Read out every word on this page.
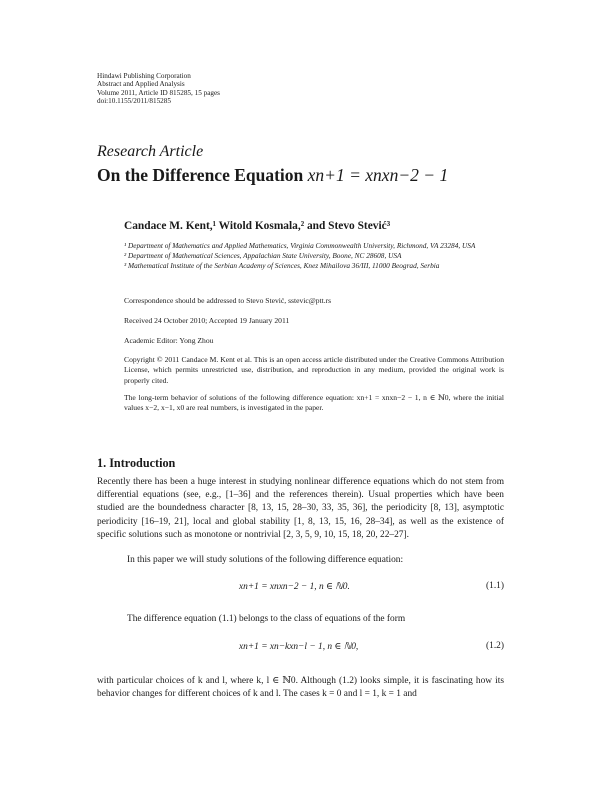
Hindawi Publishing Corporation
Abstract and Applied Analysis
Volume 2011, Article ID 815285, 15 pages
doi:10.1155/2011/815285
Research Article
On the Difference Equation xn+1 = xnxn−2 − 1
Candace M. Kent,¹ Witold Kosmala,² and Stevo Stević³
¹ Department of Mathematics and Applied Mathematics, Virginia Commonwealth University, Richmond, VA 23284, USA
² Department of Mathematical Sciences, Appalachian State University, Boone, NC 28608, USA
³ Mathematical Institute of the Serbian Academy of Sciences, Knez Mihailova 36/III, 11000 Beograd, Serbia
Correspondence should be addressed to Stevo Stević, sstevic@ptt.rs
Received 24 October 2010; Accepted 19 January 2011
Academic Editor: Yong Zhou
Copyright © 2011 Candace M. Kent et al. This is an open access article distributed under the Creative Commons Attribution License, which permits unrestricted use, distribution, and reproduction in any medium, provided the original work is properly cited.
The long-term behavior of solutions of the following difference equation: xn+1 = xnxn−2 − 1, n ∈ ℕ0, where the initial values x−2, x−1, x0 are real numbers, is investigated in the paper.
1. Introduction
Recently there has been a huge interest in studying nonlinear difference equations which do not stem from differential equations (see, e.g., [1–36] and the references therein). Usual properties which have been studied are the boundedness character [8, 13, 15, 28–30, 33, 35, 36], the periodicity [8, 13], asymptotic periodicity [16–19, 21], local and global stability [1, 8, 13, 15, 16, 28–34], as well as the existence of specific solutions such as monotone or nontrivial [2, 3, 5, 9, 10, 15, 18, 20, 22–27].
In this paper we will study solutions of the following difference equation:
xn+1 = xnxn−2 − 1, n ∈ ℕ0.	(1.1)
The difference equation (1.1) belongs to the class of equations of the form
xn+1 = xn−kxn−l − 1, n ∈ ℕ0,	(1.2)
with particular choices of k and l, where k, l ∈ ℕ0. Although (1.2) looks simple, it is fascinating how its behavior changes for different choices of k and l. The cases k = 0 and l = 1, k = 1 and
